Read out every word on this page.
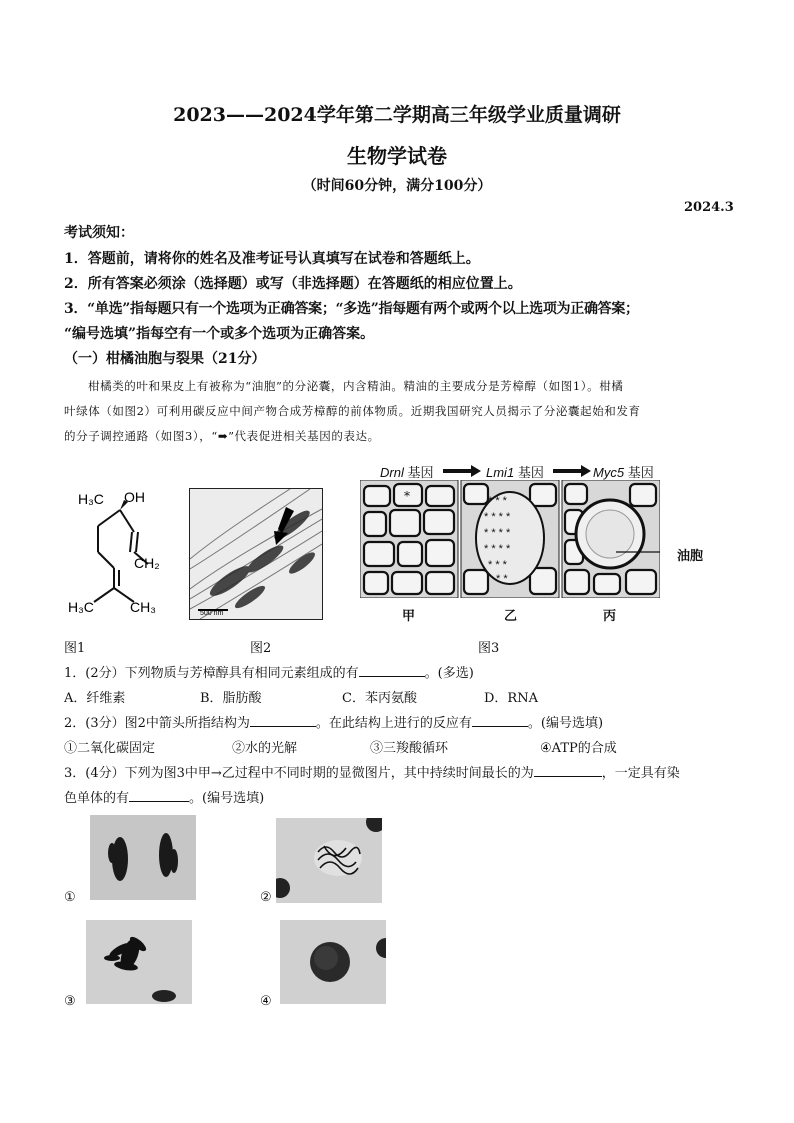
2023——2024学年第二学期高三年级学业质量调研
生物学试卷
（时间60分钟，满分100分）
2024.3
考试须知：
1．答题前，请将你的姓名及准考证号认真填写在试卷和答题纸上。
2．所有答案必须涂（选择题）或写（非选择题）在答题纸的相应位置上。
3．“单选”指每题只有一个选项为正确答案；“多选”指每题有两个或两个以上选项为正确答案；
“编号选填”指每空有一个或多个选项为正确答案。
（一）柑橘油胞与裂果（21分）
柑橘类的叶和果皮上有被称为“油胞”的分泌囊，内含精油。精油的主要成分是芳樟醇（如图1）。柑橘
叶绿体（如图2）可利用碳反应中间产物合成芳樟醇的前体物质。近期我国研究人员揭示了分泌囊起始和发育
的分子调控通路（如图3），“➡”代表促进相关基因的表达。
H₃C OH
CH₂
H₃C	CH₃	500 nm
Drnl 基因	Lmi1 基因	Myc5 基因
*	* * *
* * * *
* * * *
* * * *
* * *
* *
油胞
甲	乙	丙
图1	图2	图3
1．(2分）下列物质与芳樟醇具有相同元素组成的有	。(多选)
A．纤维素	B．脂肪酸	C．苯丙氨酸	D．RNA
2．(3分）图2中箭头所指结构为	。在此结构上进行的反应有	。(编号选填)
①二氧化碳固定	②水的光解	③三羧酸循环	④ATP的合成
3．(4分）下列为图3中甲→乙过程中不同时期的显微图片，其中持续时间最长的为	，一定具有染
色单体的有	。(编号选填)
①	②
③	④
